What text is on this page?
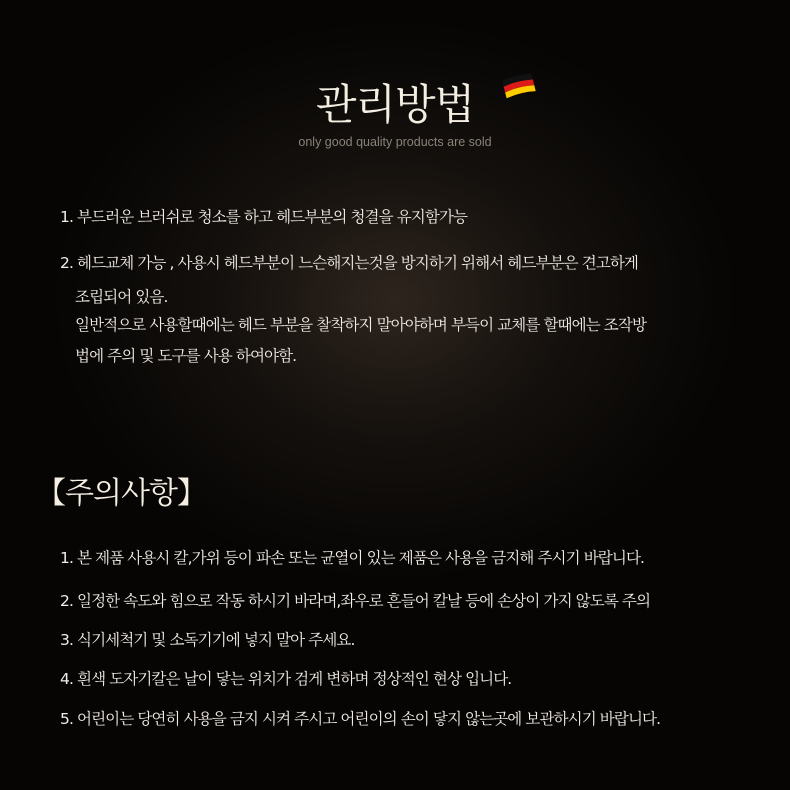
관리방법
only good quality products are sold
1. 부드러운 브러쉬로 청소를 하고 헤드부분의 청결을 유지함가능
2. 헤드교체 가능 , 사용시 헤드부분이 느슨해지는것을 방지하기 위해서 헤드부분은 견고하게
조립되어 있음.
일반적으로 사용할때에는 헤드 부분을 찰착하지 말아야하며 부득이 교체를 할때에는 조작방
법에 주의 및 도구를 사용 하여야함.
【주의사항】
1. 본 제품 사용시 칼,가위 등이 파손 또는 균열이 있는 제품은 사용을 금지해 주시기 바랍니다.
2. 일정한 속도와 힘으로 작동 하시기 바라며,좌우로 흔들어 칼날 등에 손상이 가지 않도록 주의
3. 식기세척기 및 소독기기에 넣지 말아 주세요.
4. 흰색 도자기칼은 날이 닿는 위치가 검게 변하며 정상적인 현상 입니다.
5. 어린이는 당연히 사용을 금지 시켜 주시고 어린이의 손이 닿지 않는곳에 보관하시기 바랍니다.
